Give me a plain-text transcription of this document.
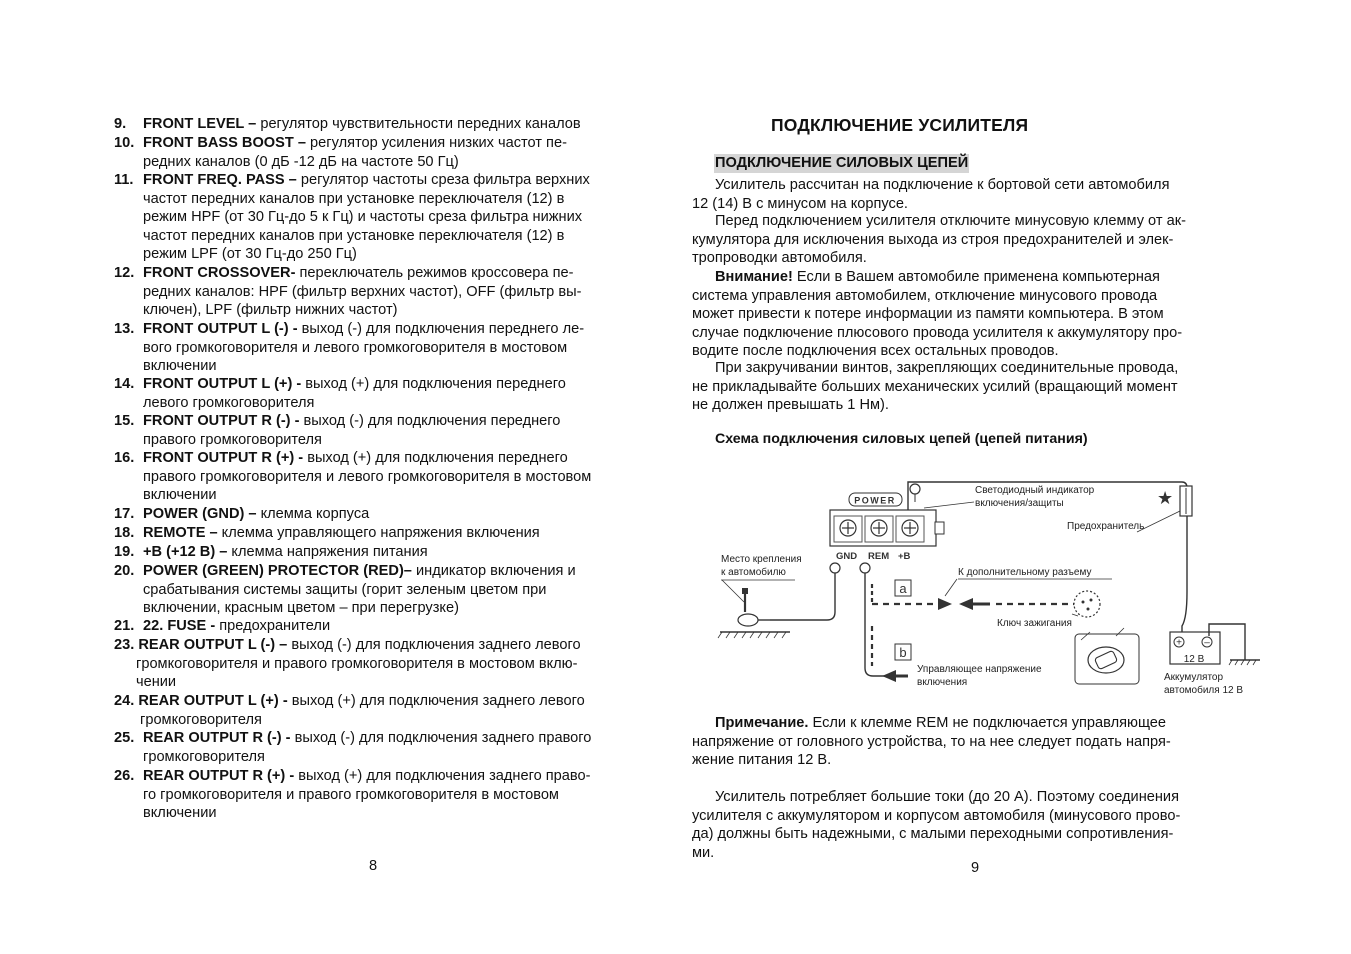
9. FRONT LEVEL – регулятор чувствительности передних каналов
10. FRONT BASS BOOST – регулятор усиления низких частот пе-
редних каналов (0 дБ -12 дБ на частоте 50 Гц)
11. FRONT FREQ. PASS – регулятор частоты среза фильтра верхних
частот передних каналов при установке переключателя (12) в
режим HPF (от 30 Гц-до 5 к Гц) и частоты среза фильтра нижних
частот передних каналов при установке переключателя (12) в
режим LPF (от 30 Гц-до 250 Гц)
12. FRONT CROSSOVER- переключатель режимов кроссовера пе-
редних каналов: HPF (фильтр верхних частот), OFF (фильтр вы-
ключен), LPF (фильтр нижних частот)
13. FRONT OUTPUT L (-) - выход (-) для подключения переднего ле-
вого громкоговорителя и левого громкоговорителя в мостовом
включении
14. FRONT OUTPUT L (+) - выход (+) для подключения переднего
левого громкоговорителя
15. FRONT OUTPUT R (-) - выход (-) для подключения переднего
правого громкоговорителя
16. FRONT OUTPUT R (+) - выход (+) для подключения переднего
правого громкоговорителя и левого громкоговорителя в мостовом
включении
17. POWER (GND) – клемма корпуса
18. REMOTE – клемма управляющего напряжения включения
19. +B (+12 B) – клемма напряжения питания
20. POWER (GREEN) PROTECTOR (RED)– индикатор включения и
срабатывания системы защиты (горит зеленым цветом при
включении, красным цветом – при перегрузке)
21. 22. FUSE - предохранители
23. REAR OUTPUT L (-) – выход (-) для подключения заднего левого
громкоговорителя и правого громкоговорителя в мостовом вклю-
чении
24. REAR OUTPUT L (+) - выход (+) для подключения заднего левого
громкоговорителя
25. REAR OUTPUT R (-) - выход (-) для подключения заднего правого
громкоговорителя
26. REAR OUTPUT R (+) - выход (+) для подключения заднего право-
го громкоговорителя и правого громкоговорителя в мостовом
включении
8
ПОДКЛЮЧЕНИЕ УСИЛИТЕЛЯ
ПОДКЛЮЧЕНИЕ СИЛОВЫХ ЦЕПЕЙ
Усилитель рассчитан на подключение к бортовой сети автомобиля
12 (14) В с минусом на корпусе.
Перед подключением усилителя отключите минусовую клемму от ак-
кумулятора для исключения выхода из строя предохранителей и элек-
тропроводки автомобиля.
Внимание! Если в Вашем автомобиле применена компьютерная
система управления автомобилем, отключение минусового провода
может привести к потере информации из памяти компьютера. В этом
случае подключение плюсового провода усилителя к аккумулятору про-
водите после подключения всех остальных проводов.
При закручивании винтов, закрепляющих соединительные провода,
не прикладывайте больших механических усилий (вращающий момент
не должен превышать 1 Нм).
Схема подключения силовых цепей (цепей питания)
Примечание. Если к клемме REM не подключается управляющее
напряжение от головного устройства, то на нее следует подать напря-
жение питания 12 В.
Усилитель потребляет большие токи (до 20 А). Поэтому соединения
усилителя с аккумулятором и корпусом автомобиля (минусового прово-
да) должны быть надежными, с малыми переходными сопротивления-
ми.
9
★
POWER
GND REM +B
Светодиодный индикатор
включения/защиты
Предохранитель
Место крепления
к автомобилю	К дополнительному разъему
a
Ключ зажигания
b
Управляющее напряжение
включения
+ –
12 В
Аккумулятор
автомобиля 12 В
